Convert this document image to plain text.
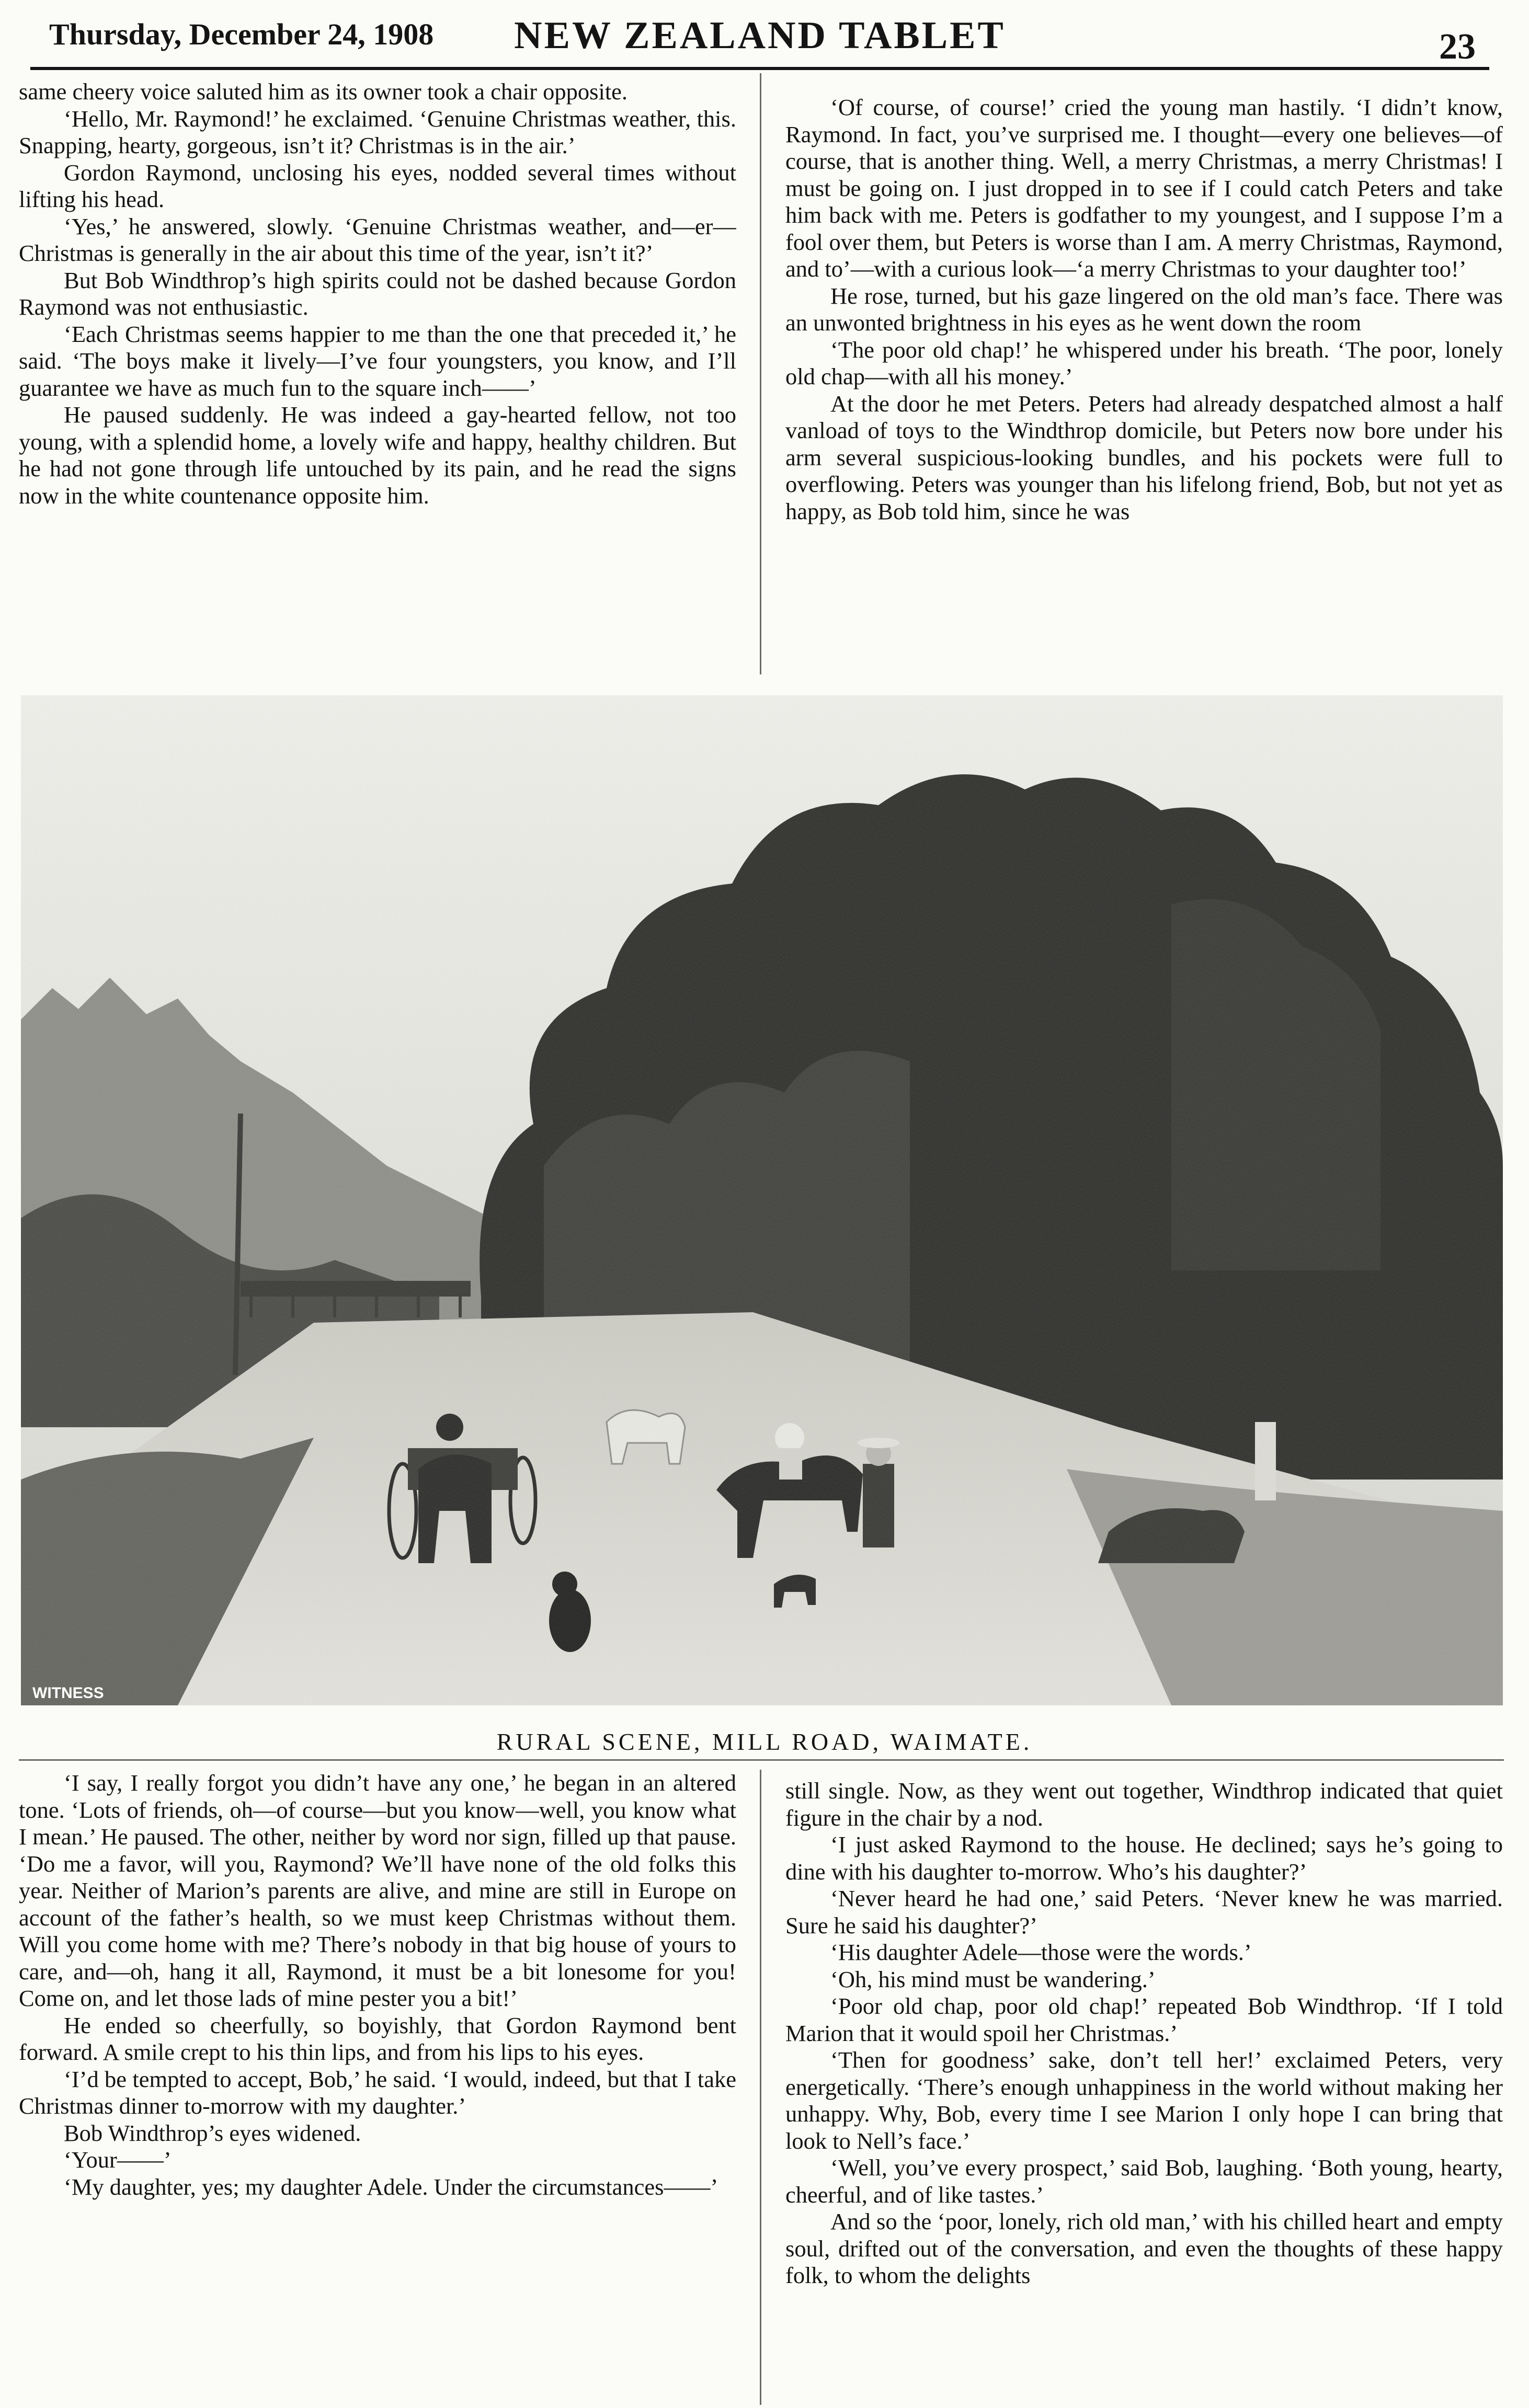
Thursday, December 24, 1908	NEW ZEALAND TABLET	23

same cheery voice saluted him as its owner took a chair opposite.

‘Hello, Mr. Raymond!’ he exclaimed. ‘Genuine Christmas weather, this. Snapping, hearty, gorgeous, isn’t it? Christmas is in the air.’

Gordon Raymond, unclosing his eyes, nodded several times without lifting his head.

‘Yes,’ he answered, slowly. ‘Genuine Christmas weather, and—er—Christmas is generally in the air about this time of the year, isn’t it?’

But Bob Windthrop’s high spirits could not be dashed because Gordon Raymond was not enthusiastic.

‘Each Christmas seems happier to me than the one that preceded it,’ he said. ‘The boys make it lively—I’ve four youngsters, you know, and I’ll guarantee we have as much fun to the square inch——’

He paused suddenly. He was indeed a gay-hearted fellow, not too young, with a splendid home, a lovely wife and happy, healthy children. But he had not gone through life untouched by its pain, and he read the signs now in the white countenance opposite him.

‘Of course, of course!’ cried the young man hastily. ‘I didn’t know, Raymond. In fact, you’ve surprised me. I thought—every one believes—of course, that is another thing. Well, a merry Christmas, a merry Christmas! I must be going on. I just dropped in to see if I could catch Peters and take him back with me. Peters is godfather to my youngest, and I suppose I’m a fool over them, but Peters is worse than I am. A merry Christmas, Raymond, and to’—with a curious look—‘a merry Christmas to your daughter too!’

He rose, turned, but his gaze lingered on the old man’s face. There was an unwonted brightness in his eyes as he went down the room

‘The poor old chap!’ he whispered under his breath. ‘The poor, lonely old chap—with all his money.’

At the door he met Peters. Peters had already despatched almost a half vanload of toys to the Windthrop domicile, but Peters now bore under his arm several suspicious-looking bundles, and his pockets were full to overflowing. Peters was younger than his lifelong friend, Bob, but not yet as happy, as Bob told him, since he was

WITNESS
RURAL SCENE, MILL ROAD, WAIMATE.

‘I say, I really forgot you didn’t have any one,’ he began in an altered tone. ‘Lots of friends, oh—of course—but you know—well, you know what I mean.’ He paused. The other, neither by word nor sign, filled up that pause. ‘Do me a favor, will you, Raymond? We’ll have none of the old folks this year. Neither of Marion’s parents are alive, and mine are still in Europe on account of the father’s health, so we must keep Christmas without them. Will you come home with me? There’s nobody in that big house of yours to care, and—oh, hang it all, Raymond, it must be a bit lonesome for you! Come on, and let those lads of mine pester you a bit!’

He ended so cheerfully, so boyishly, that Gordon Raymond bent forward. A smile crept to his thin lips, and from his lips to his eyes.

‘I’d be tempted to accept, Bob,’ he said. ‘I would, indeed, but that I take Christmas dinner to-morrow with my daughter.’

Bob Windthrop’s eyes widened.

‘Your——’

‘My daughter, yes; my daughter Adele. Under the circumstances——’

still single. Now, as they went out together, Windthrop indicated that quiet figure in the chair by a nod.

‘I just asked Raymond to the house. He declined; says he’s going to dine with his daughter to-morrow. Who’s his daughter?’

‘Never heard he had one,’ said Peters. ‘Never knew he was married. Sure he said his daughter?’

‘His daughter Adele—those were the words.’

‘Oh, his mind must be wandering.’

‘Poor old chap, poor old chap!’ repeated Bob Windthrop. ‘If I told Marion that it would spoil her Christmas.’

‘Then for goodness’ sake, don’t tell her!’ exclaimed Peters, very energetically. ‘There’s enough unhappiness in the world without making her unhappy. Why, Bob, every time I see Marion I only hope I can bring that look to Nell’s face.’

‘Well, you’ve every prospect,’ said Bob, laughing. ‘Both young, hearty, cheerful, and of like tastes.’

And so the ‘poor, lonely, rich old man,’ with his chilled heart and empty soul, drifted out of the conversation, and even the thoughts of these happy folk, to whom the delights
